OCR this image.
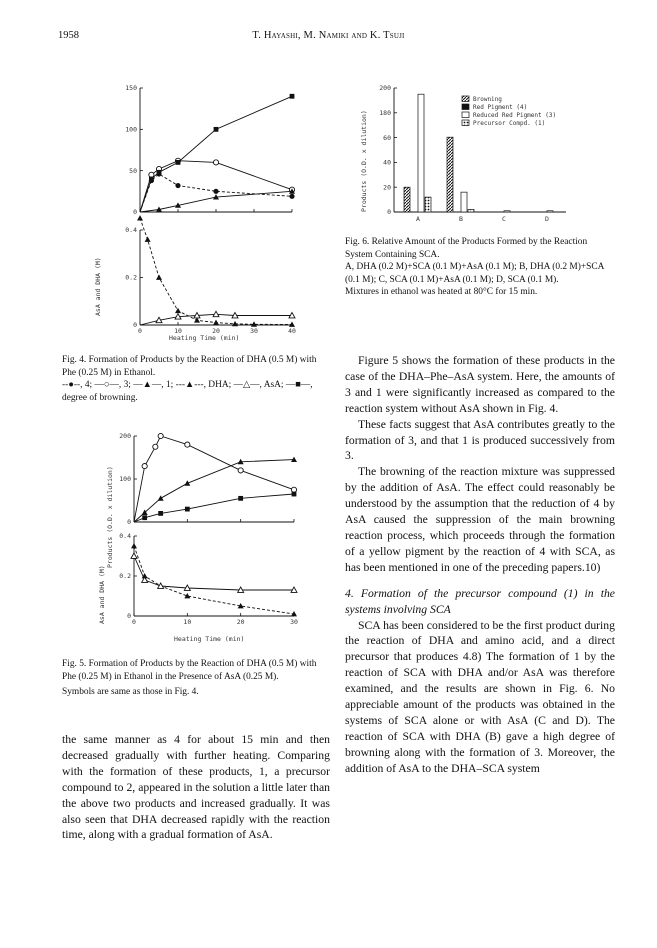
1958	T. Hayashi, M. Namiki and K. Tsuji
150
100
50
0
0.4
0.2
0
0	10	20	30	40
AsA and DHA (M)
Heating Time (min)
Fig. 4. Formation of Products by the Reaction of DHA (0.5 M) with Phe (0.25 M) in Ethanol.
--●--, 4; —○—, 3; —▲—, 1; ---▲---, DHA; —△—, AsA; —■—, degree of browning.
200
100
0
0.4
0.2
0
0	10	20	30
Products (O.D. x dilution)
AsA and DHA (M)
Heating Time (min)
Fig. 5. Formation of Products by the Reaction of DHA (0.5 M) with Phe (0.25 M) in Ethanol in the Presence of AsA (0.25 M).
Symbols are same as those in Fig. 4.
200
180
60
40
20
0
A	B	C	D
Browning
Red Pigment (4)
Reduced Red Pigment (3)
Precursor Compd. (1)
Products (O.D. x dilution)
Fig. 6. Relative Amount of the Products Formed by the Reaction System Containing SCA.
A, DHA (0.2 M)+SCA (0.1 M)+AsA (0.1 M); B, DHA (0.2 M)+SCA (0.1 M); C, SCA (0.1 M)+AsA (0.1 M); D, SCA (0.1 M).
Mixtures in ethanol was heated at 80°C for 15 min.

the same manner as 4 for about 15 min and then decreased gradually with further heating. Comparing with the formation of these products, 1, a precursor compound to 2, appeared in the solution a little later than the above two products and increased gradually. It was also seen that DHA decreased rapidly with the reaction time, along with a gradual formation of AsA.

Figure 5 shows the formation of these products in the case of the DHA–Phe–AsA system. Here, the amounts of 3 and 1 were significantly increased as compared to the reaction system without AsA shown in Fig. 4.

These facts suggest that AsA contributes greatly to the formation of 3, and that 1 is produced successively from 3.

The browning of the reaction mixture was suppressed by the addition of AsA. The effect could reasonably be understood by the assumption that the reduction of 4 by AsA caused the suppression of the main browning reaction process, which proceeds through the formation of a yellow pigment by the reaction of 4 with SCA, as has been mentioned in one of the preceding papers.10)

4. Formation of the precursor compound (1) in the systems involving SCA

SCA has been considered to be the first product during the reaction of DHA and amino acid, and a direct precursor that produces 4.8) The formation of 1 by the reaction of SCA with DHA and/or AsA was therefore examined, and the results are shown in Fig. 6. No appreciable amount of the products was obtained in the systems of SCA alone or with AsA (C and D). The reaction of SCA with DHA (B) gave a high degree of browning along with the formation of 3. Moreover, the addition of AsA to the DHA–SCA system
